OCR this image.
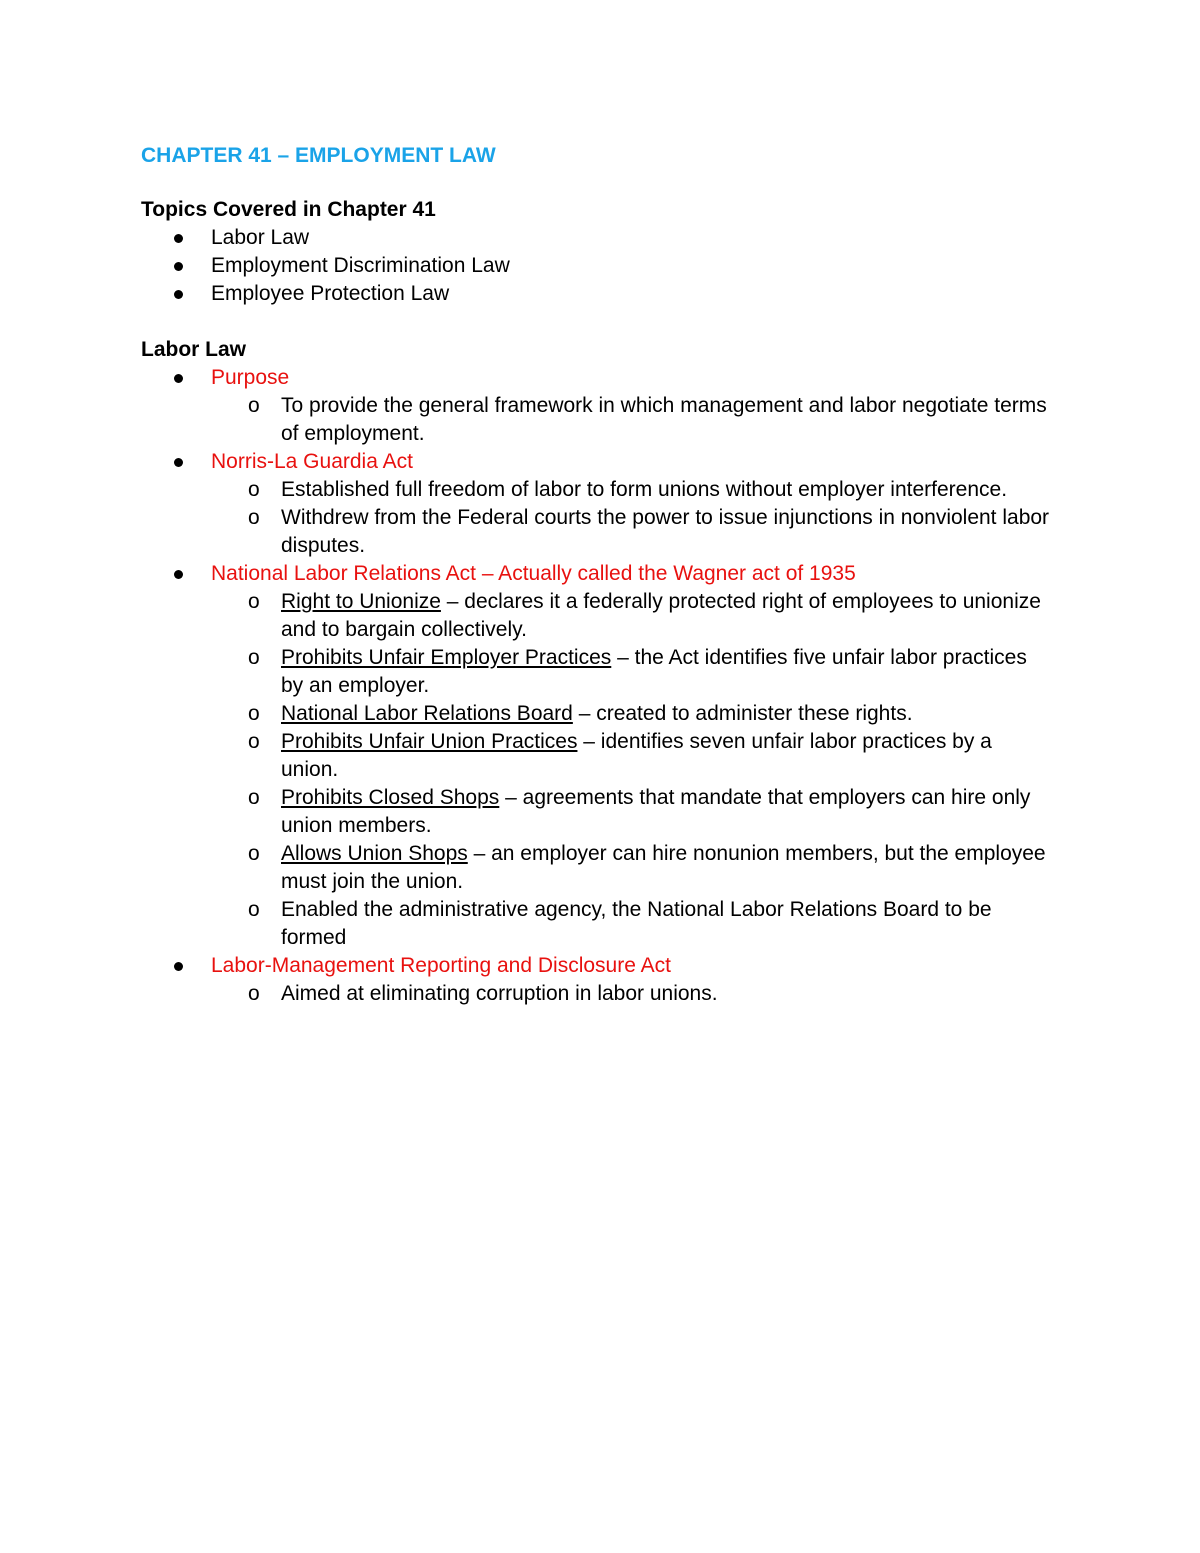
CHAPTER 41 – EMPLOYMENT LAW
Topics Covered in Chapter 41
Labor Law
Employment Discrimination Law
Employee Protection Law
Labor Law
Purpose
o To provide the general framework in which management and labor negotiate terms of employment.
Norris-La Guardia Act
o Established full freedom of labor to form unions without employer interference.
o Withdrew from the Federal courts the power to issue injunctions in nonviolent labor disputes.
National Labor Relations Act – Actually called the Wagner act of 1935
o Right to Unionize – declares it a federally protected right of employees to unionize and to bargain collectively.
o Prohibits Unfair Employer Practices – the Act identifies five unfair labor practices by an employer.
o National Labor Relations Board – created to administer these rights.
o Prohibits Unfair Union Practices – identifies seven unfair labor practices by a union.
o Prohibits Closed Shops – agreements that mandate that employers can hire only union members.
o Allows Union Shops – an employer can hire nonunion members, but the employee must join the union.
o Enabled the administrative agency, the National Labor Relations Board to be formed
Labor-Management Reporting and Disclosure Act
o Aimed at eliminating corruption in labor unions.
